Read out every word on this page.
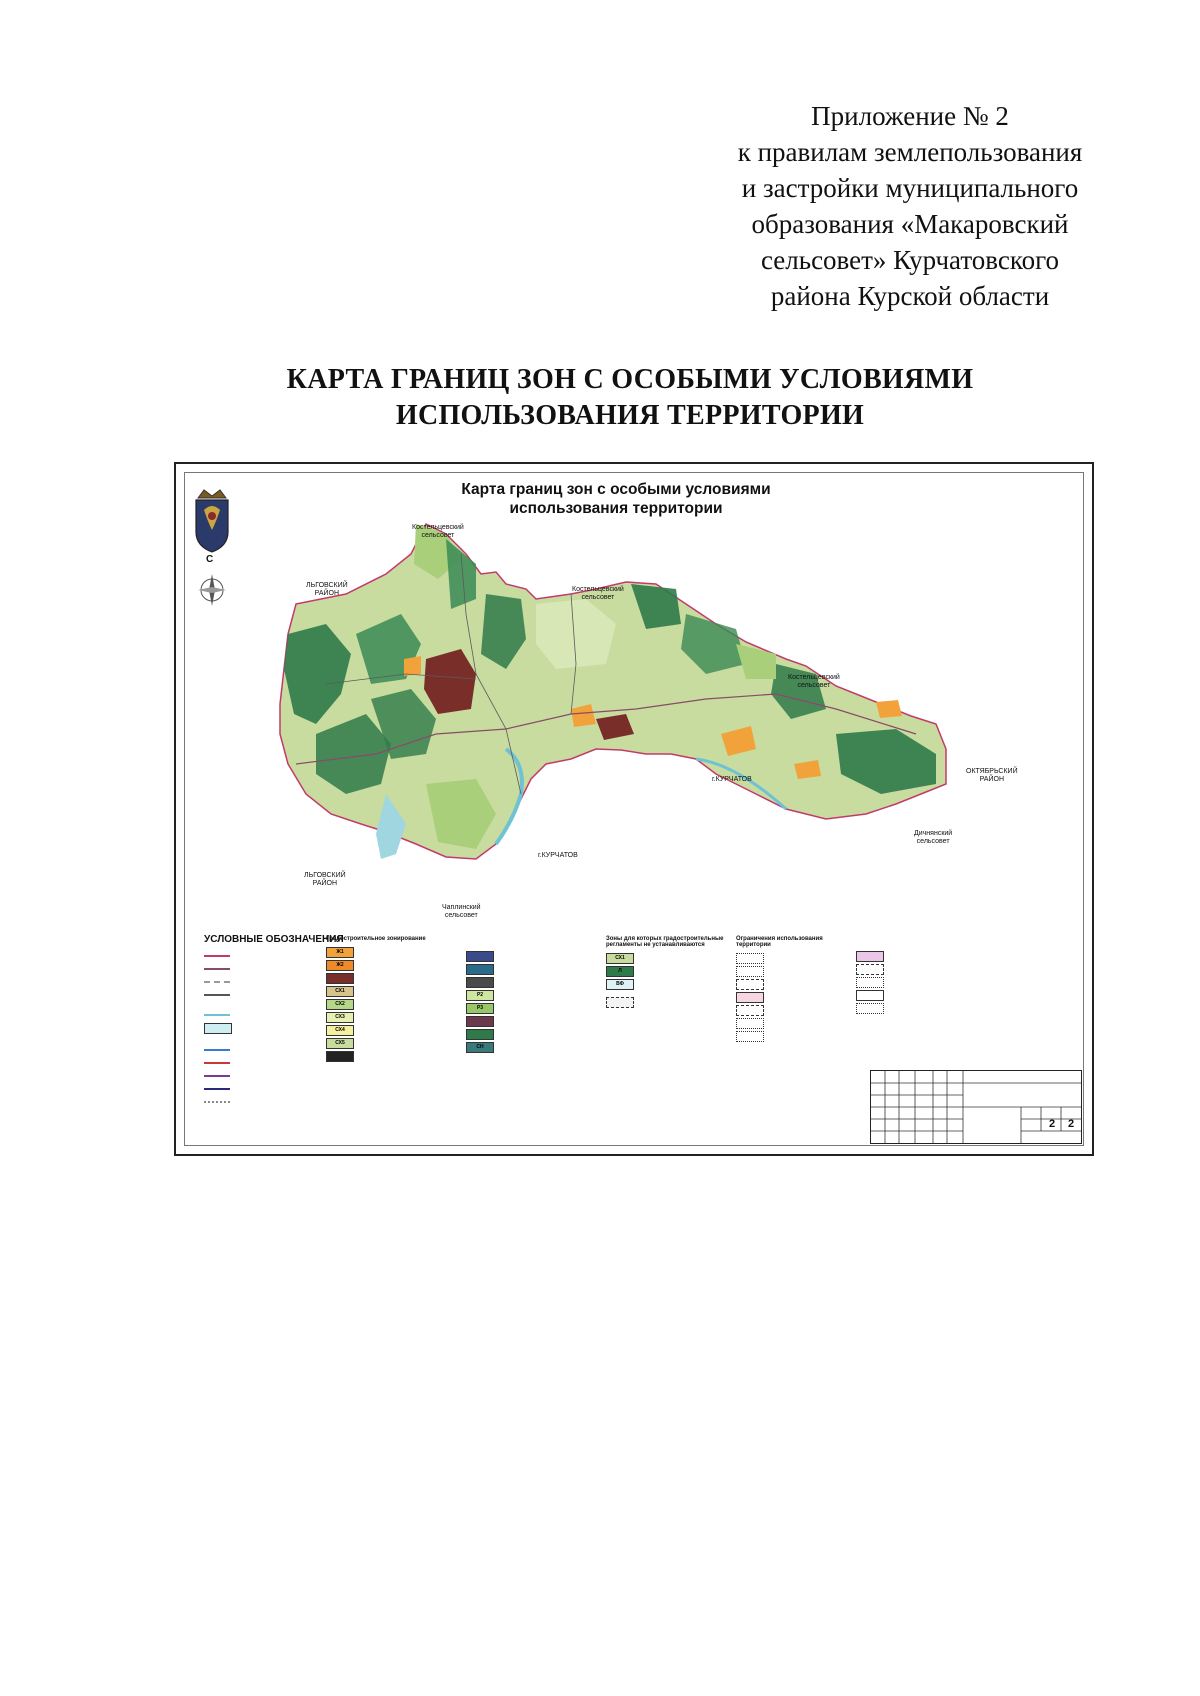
Приложение № 2
к правилам землепользования
и застройки муниципального
образования «Макаровский
сельсовет» Курчатовского
района Курской области
КАРТА ГРАНИЦ ЗОН С ОСОБЫМИ УСЛОВИЯМИ
ИСПОЛЬЗОВАНИЯ ТЕРРИТОРИИ
Карта границ зон с особыми условиями
использования территории
С
Костельцевский
сельсовет
Костельцевский
сельсовет
Костельцевский
сельсовет
ЛЬГОВСКИЙ
РАЙОН
ЛЬГОВСКИЙ
РАЙОН
г.КУРЧАТОВ
г.КУРЧАТОВ
ОКТЯБРЬСКИЙ
РАЙОН
Дичнянский
сельсовет
Чаплинский
сельсовет
УСЛОВНЫЕ ОБОЗНАЧЕНИЯ
Градостроительное зонирование
Ж1
Ж2
СХ1
СХ2
СХ3
СХ4
СХ5
Р2
Р3
СН
Зоны для которых градостроительные регламенты не устанавливаются
СХ1
Л
ВФ
Ограничения использования территории
2	2
